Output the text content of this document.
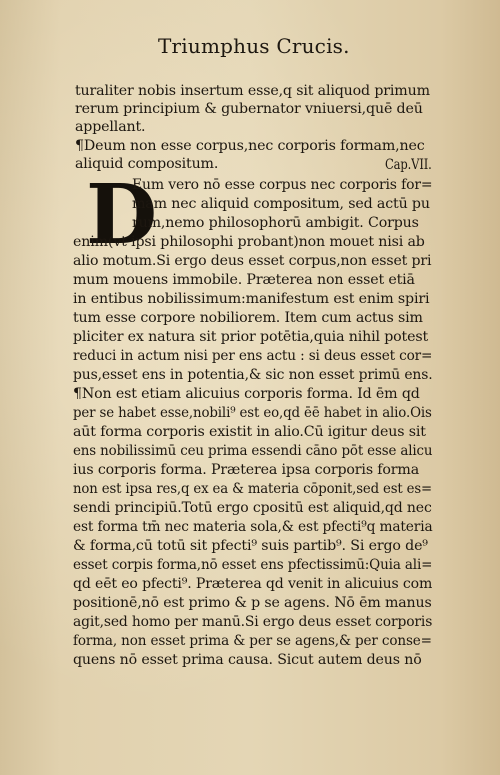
Triumphus Crucis.
D
turaliter nobis insertum esse,q sit aliquod primum
rerum principium & gubernator vniuersi,quē deū
appellant.
¶Deum non esse corpus,nec corporis formam,nec
aliquid compositum.	Cap.VII.
Eum vero nō esse corpus nec corporis for=
mam nec aliquid compositum, sed actū pu
rum,nemo philosophorū ambigit. Corpus
enim(vt ipsi philosophi probant)non mouet nisi ab
alio motum.Si ergo deus esset corpus,non esset pri
mum mouens immobile. Præterea non esset etiā
in entibus nobilissimum:manifestum est enim spiri
tum esse corpore nobiliorem. Item cum actus sim
pliciter ex natura sit prior potētia,quia nihil potest
reduci in actum nisi per ens actu : si deus esset cor=
pus,esset ens in potentia,& sic non esset primū ens.
¶Non est etiam alicuius corporis forma. Id ēm qd
per se habet esse,nobili⁹ est eo,qd ēē habet in alio.Ois
aūt forma corporis existit in alio.Cū igitur deus sit
ens nobilissimū ceu prima essendi cāno pōt esse alicu
ius corporis forma. Præterea ipsa corporis forma
non est ipsa res,q ex ea & materia cōponit,sed est es=
sendi principiū.Totū ergo cpositū est aliquid,qd nec
est forma tm̄ nec materia sola,& est pfecti⁹q materia
& forma,cū totū sit pfecti⁹ suis partib⁹. Si ergo de⁹
esset corpis forma,nō esset ens pfectissimū:Quia ali=
qd eēt eo pfecti⁹. Præterea qd venit in alicuius com
positionē,nō est primo & p se agens. Nō ēm manus
agit,sed homo per manū.Si ergo deus esset corporis
forma, non esset prima & per se agens,& per conse=
quens nō esset prima causa. Sicut autem deus nō
